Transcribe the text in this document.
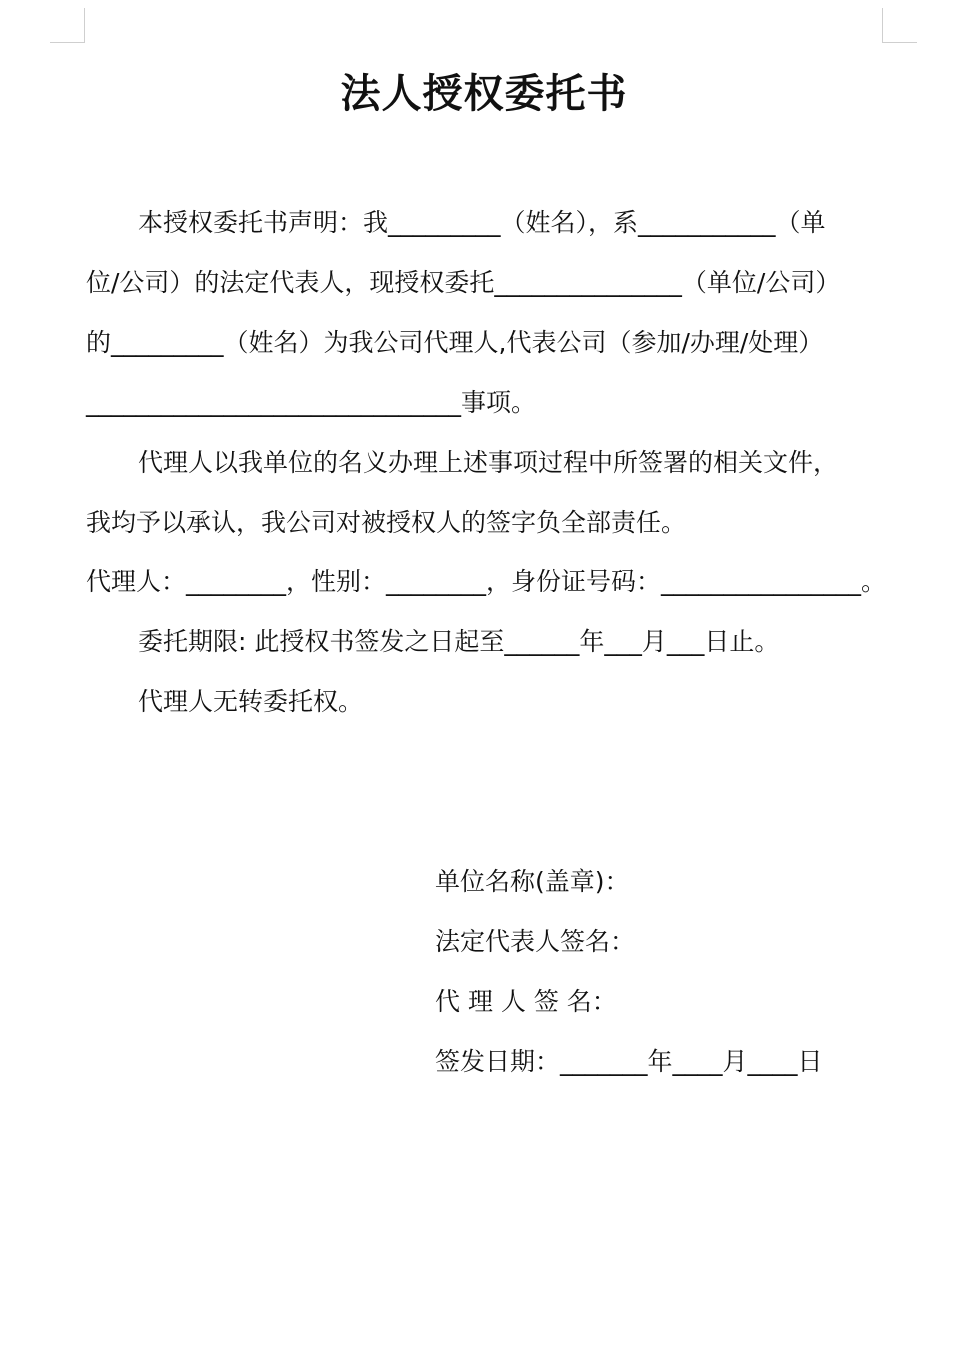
法人授权委托书
本授权委托书声明：我_________（姓名），系___________（单
位/公司）的法定代表人，现授权委托_______________（单位/公司）
的_________（姓名）为我公司代理人,代表公司（参加/办理/处理）
______________________________事项。
代理人以我单位的名义办理上述事项过程中所签署的相关文件，
我均予以承认，我公司对被授权人的签字负全部责任。
代理人：________，性别：________，身份证号码：________________。
委托期限: 此授权书签发之日起至______年___月___日止。
代理人无转委托权。
单位名称(盖章)：
法定代表人签名：
代 理 人 签 名：
签发日期：_______年____月____日
